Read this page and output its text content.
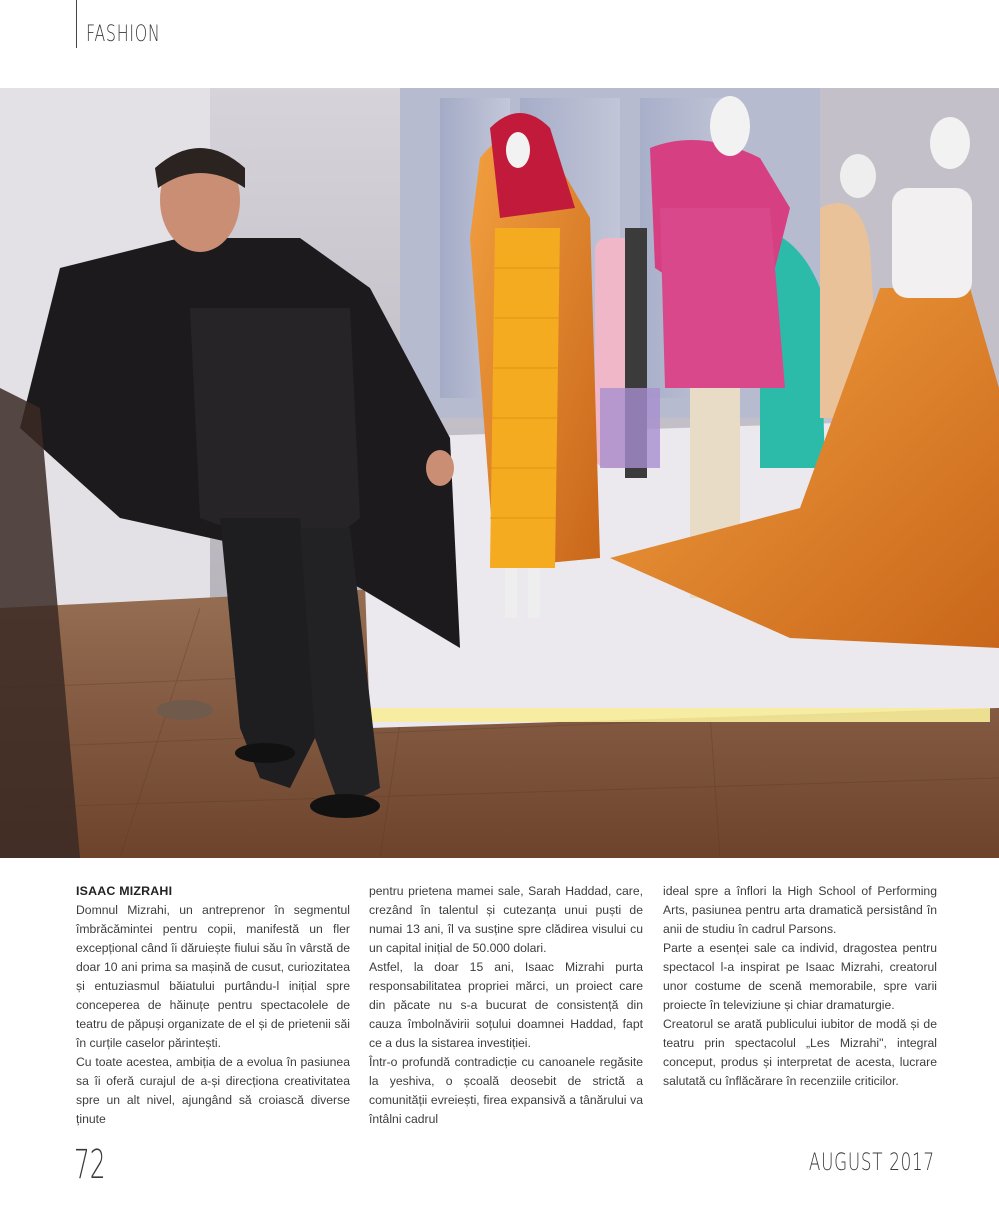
FASHION
ISAAC MIZRAHI

Domnul Mizrahi, un antreprenor în segmentul îmbrăcămintei pentru copii, manifestă un fler excepțional când îi dăruiește fiului său în vârstă de doar 10 ani prima sa mașină de cusut, curiozitatea și entuziasmul băiatului purtându-l inițial spre conceperea de hăinuțe pentru spectacolele de teatru de păpuși organizate de el și de prietenii săi în curțile caselor părintești.

Cu toate acestea, ambiția de a evolua în pasiunea sa îi oferă curajul de a-și direcționa creativitatea spre un alt nivel, ajungând să croiască diverse ținute

pentru prietena mamei sale, Sarah Haddad, care, crezând în talentul și cutezanța unui puști de numai 13 ani, îl va susține spre clădirea visului cu un capital inițial de 50.000 dolari.

Astfel, la doar 15 ani, Isaac Mizrahi purta responsabilitatea propriei mărci, un proiect care din păcate nu s-a bucurat de consistență din cauza îmbolnăvirii soțului doamnei Haddad, fapt ce a dus la sistarea investiției.

Într-o profundă contradicție cu canoanele regăsite la yeshiva, o școală deosebit de strictă a comunității evreiești, firea expansivă a tânărului va întâlni cadrul

ideal spre a înflori la High School of Performing Arts, pasiunea pentru arta dramatică persistând în anii de studiu în cadrul Parsons.

Parte a esenței sale ca individ, dragostea pentru spectacol l-a inspirat pe Isaac Mizrahi, creatorul unor costume de scenă memorabile, spre varii proiecte în televiziune și chiar dramaturgie.

Creatorul se arată publicului iubitor de modă și de teatru prin spectacolul „Les Mizrahi", integral conceput, produs și interpretat de acesta, lucrare salutată cu înflăcărare în recenziile criticilor.

72	AUGUST 2017
